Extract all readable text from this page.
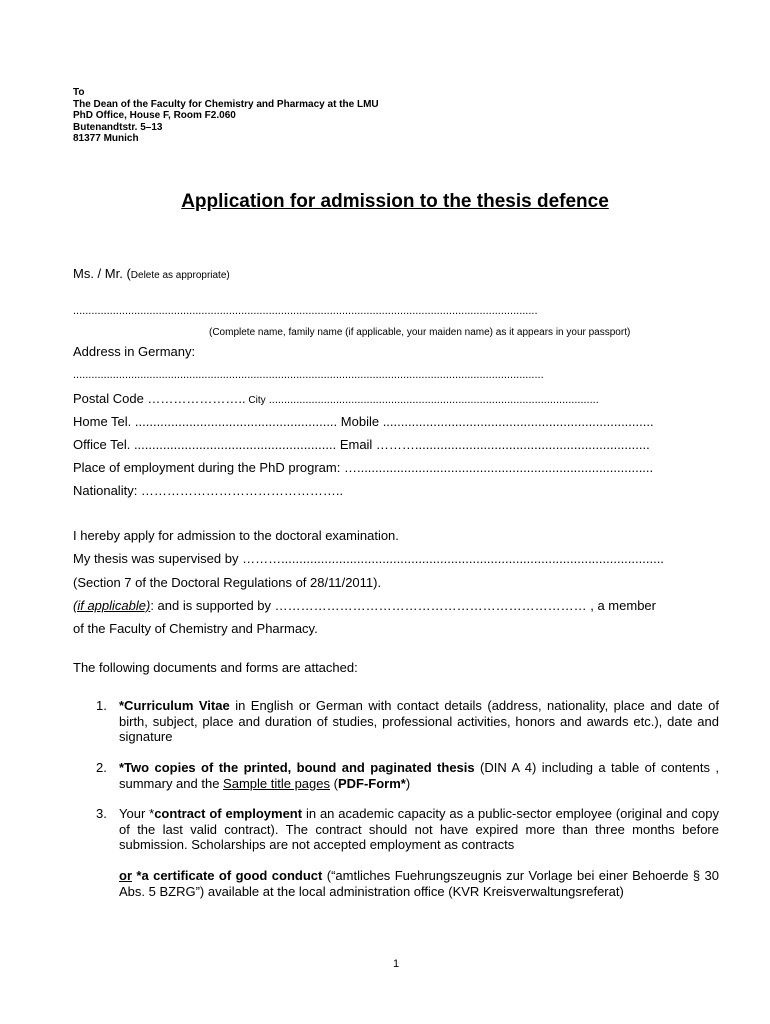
To
The Dean of the Faculty for Chemistry and Pharmacy at the LMU
PhD Office, House F, Room F2.060
Butenandtstr. 5–13
81377 Munich
Application for admission to the thesis defence
Ms. / Mr. (Delete as appropriate)
........................................................................................................................................................
(Complete name, family name (if applicable, your maiden name) as it appears in your passport)
Address in Germany:
..........................................................................................................................................................
Postal Code ………………….. City ............................................................................................................
Home Tel. ........................................................ Mobile ...........................................................................
Office Tel. ........................................................ Email ……….................................................................
Place of employment during the PhD program: …..................................................................................
Nationality: ………………………………………..
I hereby apply for admission to the doctoral examination.
My thesis was supervised by ………..........................................................................................................
(Section 7 of the Doctoral Regulations of 28/11/2011).
(if applicable): and is supported by ……………………………………………………………… , a member
of the Faculty of Chemistry and Pharmacy.
The following documents and forms are attached:
1. *Curriculum Vitae in English or German with contact details (address, nationality, place and date of birth, subject, place and duration of studies, professional activities, honors and awards etc.), date and signature
2. *Two copies of the printed, bound and paginated thesis (DIN A 4) including a table of contents , summary and the Sample title pages (PDF-Form*)
3. Your *contract of employment in an academic capacity as a public-sector employee (original and copy of the last valid contract). The contract should not have expired more than three months before submission. Scholarships are not accepted employment as contracts
or *a certificate of good conduct (“amtliches Fuehrungszeugnis zur Vorlage bei einer Behoerde § 30 Abs. 5 BZRG”) available at the local administration office (KVR Kreisverwaltungsreferat)
1
